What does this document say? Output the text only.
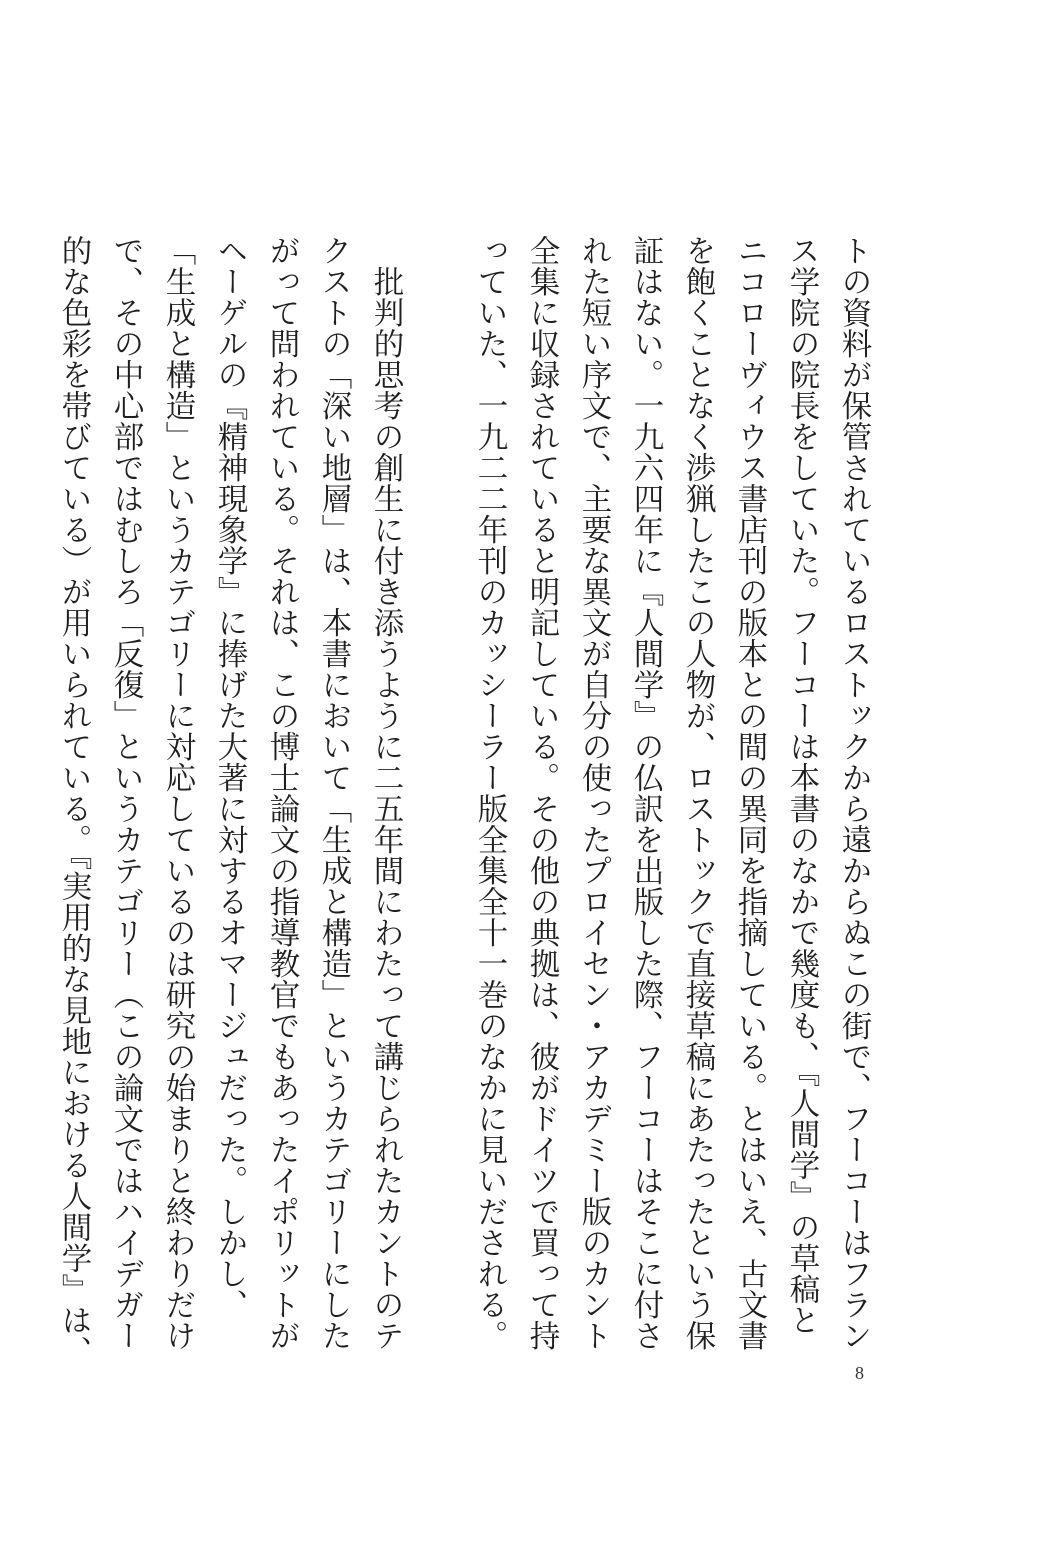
トの資料が保管されているロストックから遠からぬこの街で、フーコーはフラン
ス学院の院長をしていた。フーコーは本書のなかで幾度も、『人間学』の草稿と
ニコローヴィウス書店刊の版本との間の異同を指摘している。とはいえ、古文書
を飽くことなく渉猟したこの人物が、ロストックで直接草稿にあたったという保
証はない。一九六四年に『人間学』の仏訳を出版した際、フーコーはそこに付さ
れた短い序文で、主要な異文が自分の使ったプロイセン・アカデミー版のカント
全集に収録されていると明記している。その他の典拠は、彼がドイツで買って持
っていた、一九二二年刊のカッシーラー版全集全十一巻のなかに見いだされる。
　批判的思考の創生に付き添うように二五年間にわたって講じられたカントのテ
クストの「深い地層」は、本書において「生成と構造」というカテゴリーにした
がって問われている。それは、この博士論文の指導教官でもあったイポリットが
ヘーゲルの『精神現象学』に捧げた大著に対するオマージュだった。しかし、
「生成と構造」というカテゴリーに対応しているのは研究の始まりと終わりだけ
で、その中心部ではむしろ「反復」というカテゴリー（この論文ではハイデガー
的な色彩を帯びている）が用いられている。『実用的な見地における人間学』は、
8
